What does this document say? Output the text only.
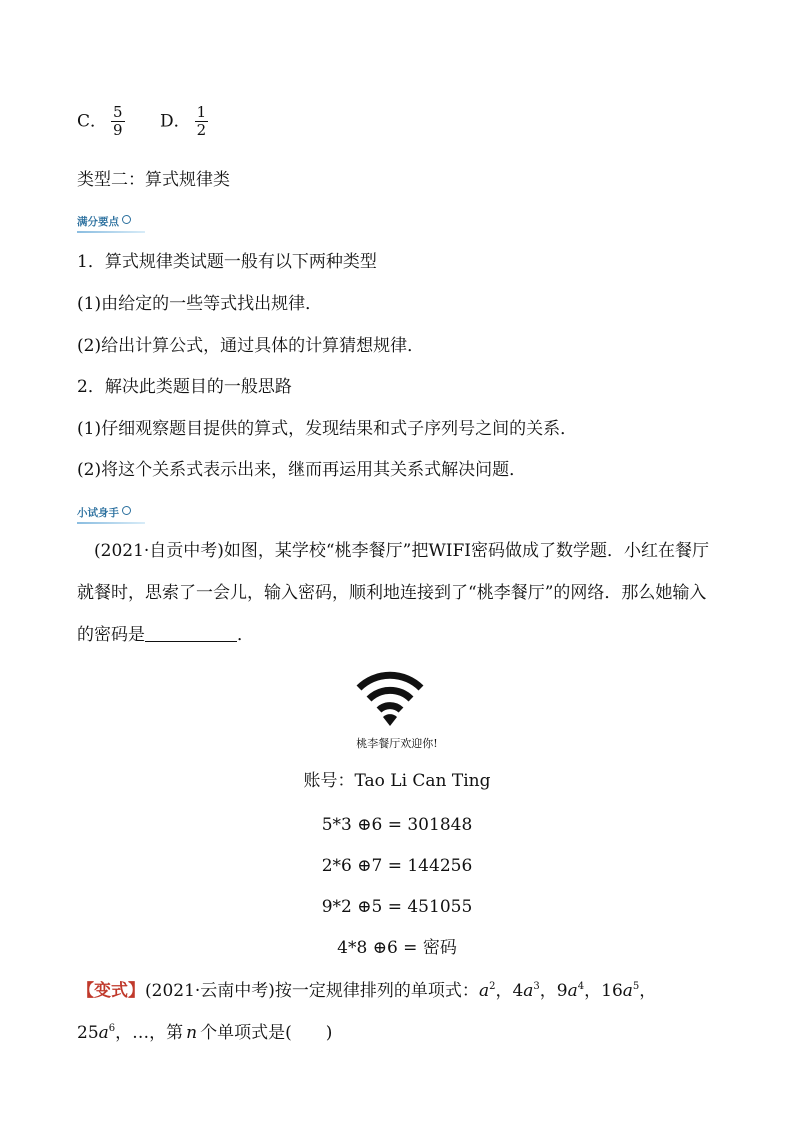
C． $\frac{5}{9}$ D． $\frac{1}{2}$
类型二：算式规律类
满分要点
1．算式规律类试题一般有以下两种类型
(1)由给定的一些等式找出规律．
(2)给出计算公式，通过具体的计算猜想规律．
2．解决此类题目的一般思路
(1)仔细观察题目提供的算式，发现结果和式子序列号之间的关系．
(2)将这个关系式表示出来，继而再运用其关系式解决问题．
小试身手
(2021·自贡中考)如图，某学校“桃李餐厅”把WIFI密码做成了数学题．小红在餐厅就餐时，思索了一会儿，输入密码，顺利地连接到了“桃李餐厅”的网络．那么她输入的密码是	．
桃李餐厅欢迎你!
账号：Tao Li Can Ting
5*3 ⊕6 = 301848
2*6 ⊕7 = 144256
9*2 ⊕5 = 451055
4*8 ⊕6 = 密码
【变式】(2021·云南中考)按一定规律排列的单项式：$a^2$，$4a^3$，$9a^4$，$16a^5$，
$25a^6$，…，第 n 个单项式是(　　)
